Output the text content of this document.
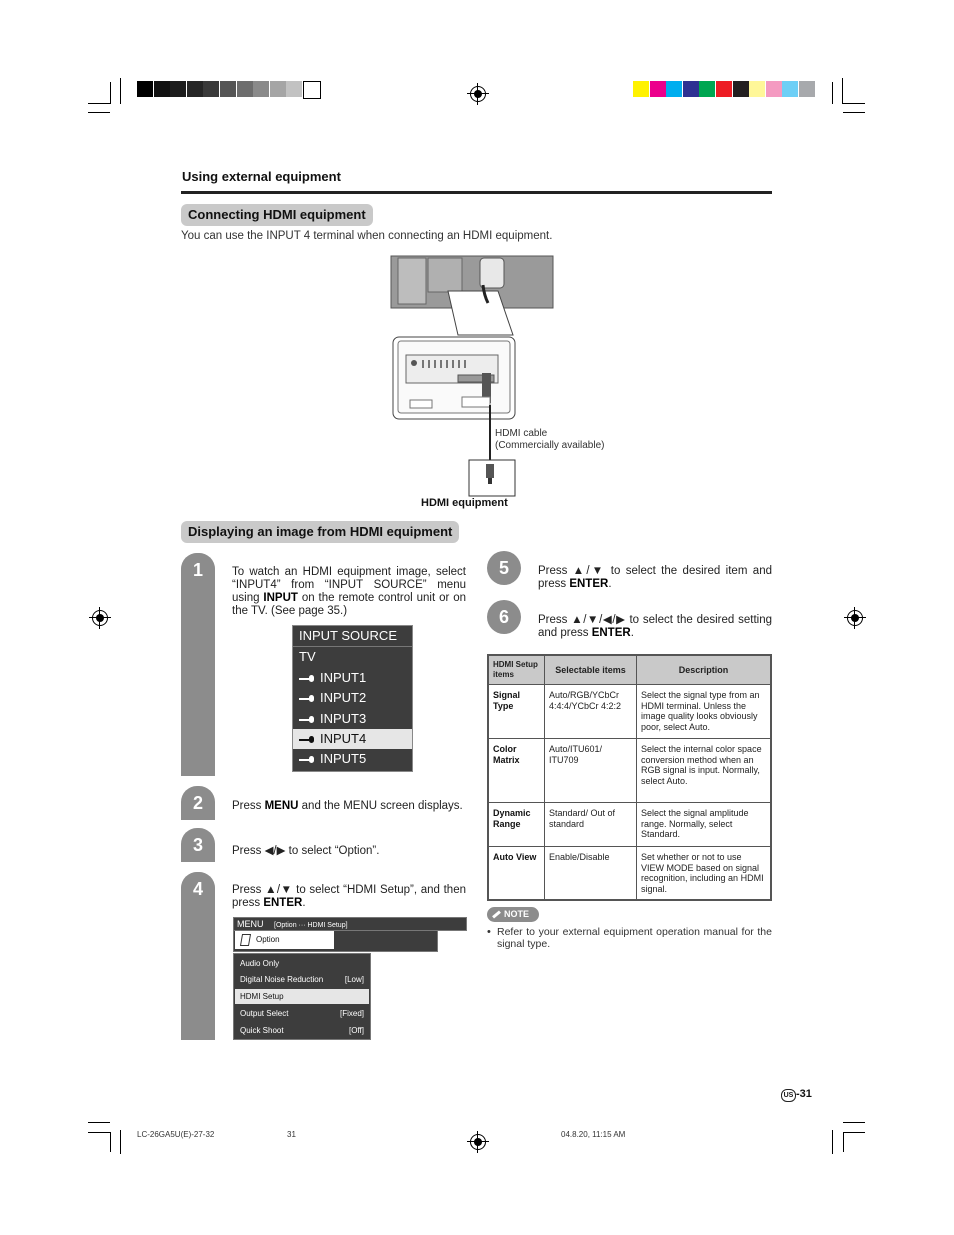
Using external equipment
Connecting HDMI equipment
You can use the INPUT 4 terminal when connecting an HDMI equipment.
HDMI cable
(Commercially available)
HDMI equipment
Displaying an image from HDMI equipment
1	To watch an HDMI equipment image, select “INPUT4” from “INPUT SOURCE” menu using INPUT on the remote control unit or on the TV. (See page 35.)
INPUT SOURCE
TV
INPUT1
INPUT2
INPUT3
INPUT4
INPUT5
2	Press MENU and the MENU screen displays.
3	Press ◀/▶ to select “Option”.
4	Press ▲/▼ to select “HDMI Setup”, and then press ENTER.
MENU [Option ··· HDMI Setup]
Option
Audio Only
Digital Noise Reduction	[Low]
HDMI Setup
Output Select	[Fixed]
Quick Shoot	[Off]
5	Press ▲/▼ to select the desired item and press ENTER.
6	Press ▲/▼/◀/▶ to select the desired setting and press ENTER.
HDMI Setup items	Selectable items	Description
Signal Type	Auto/RGB/YCbCr 4:4:4/YCbCr 4:2:2	Select the signal type from an HDMI terminal. Unless the image quality looks obviously poor, select Auto.
Color Matrix	Auto/ITU601/ ITU709	Select the internal color space conversion method when an RGB signal is input. Normally, select Auto.
Dynamic Range	Standard/ Out of standard	Select the signal amplitude range. Normally, select Standard.
Auto View	Enable/Disable	Set whether or not to use VIEW MODE based on signal recognition, including an HDMI signal.
NOTE
• Refer to your external equipment operation manual for the signal type.
US -31
LC-26GA5U(E)-27-32	31	04.8.20, 11:15 AM
